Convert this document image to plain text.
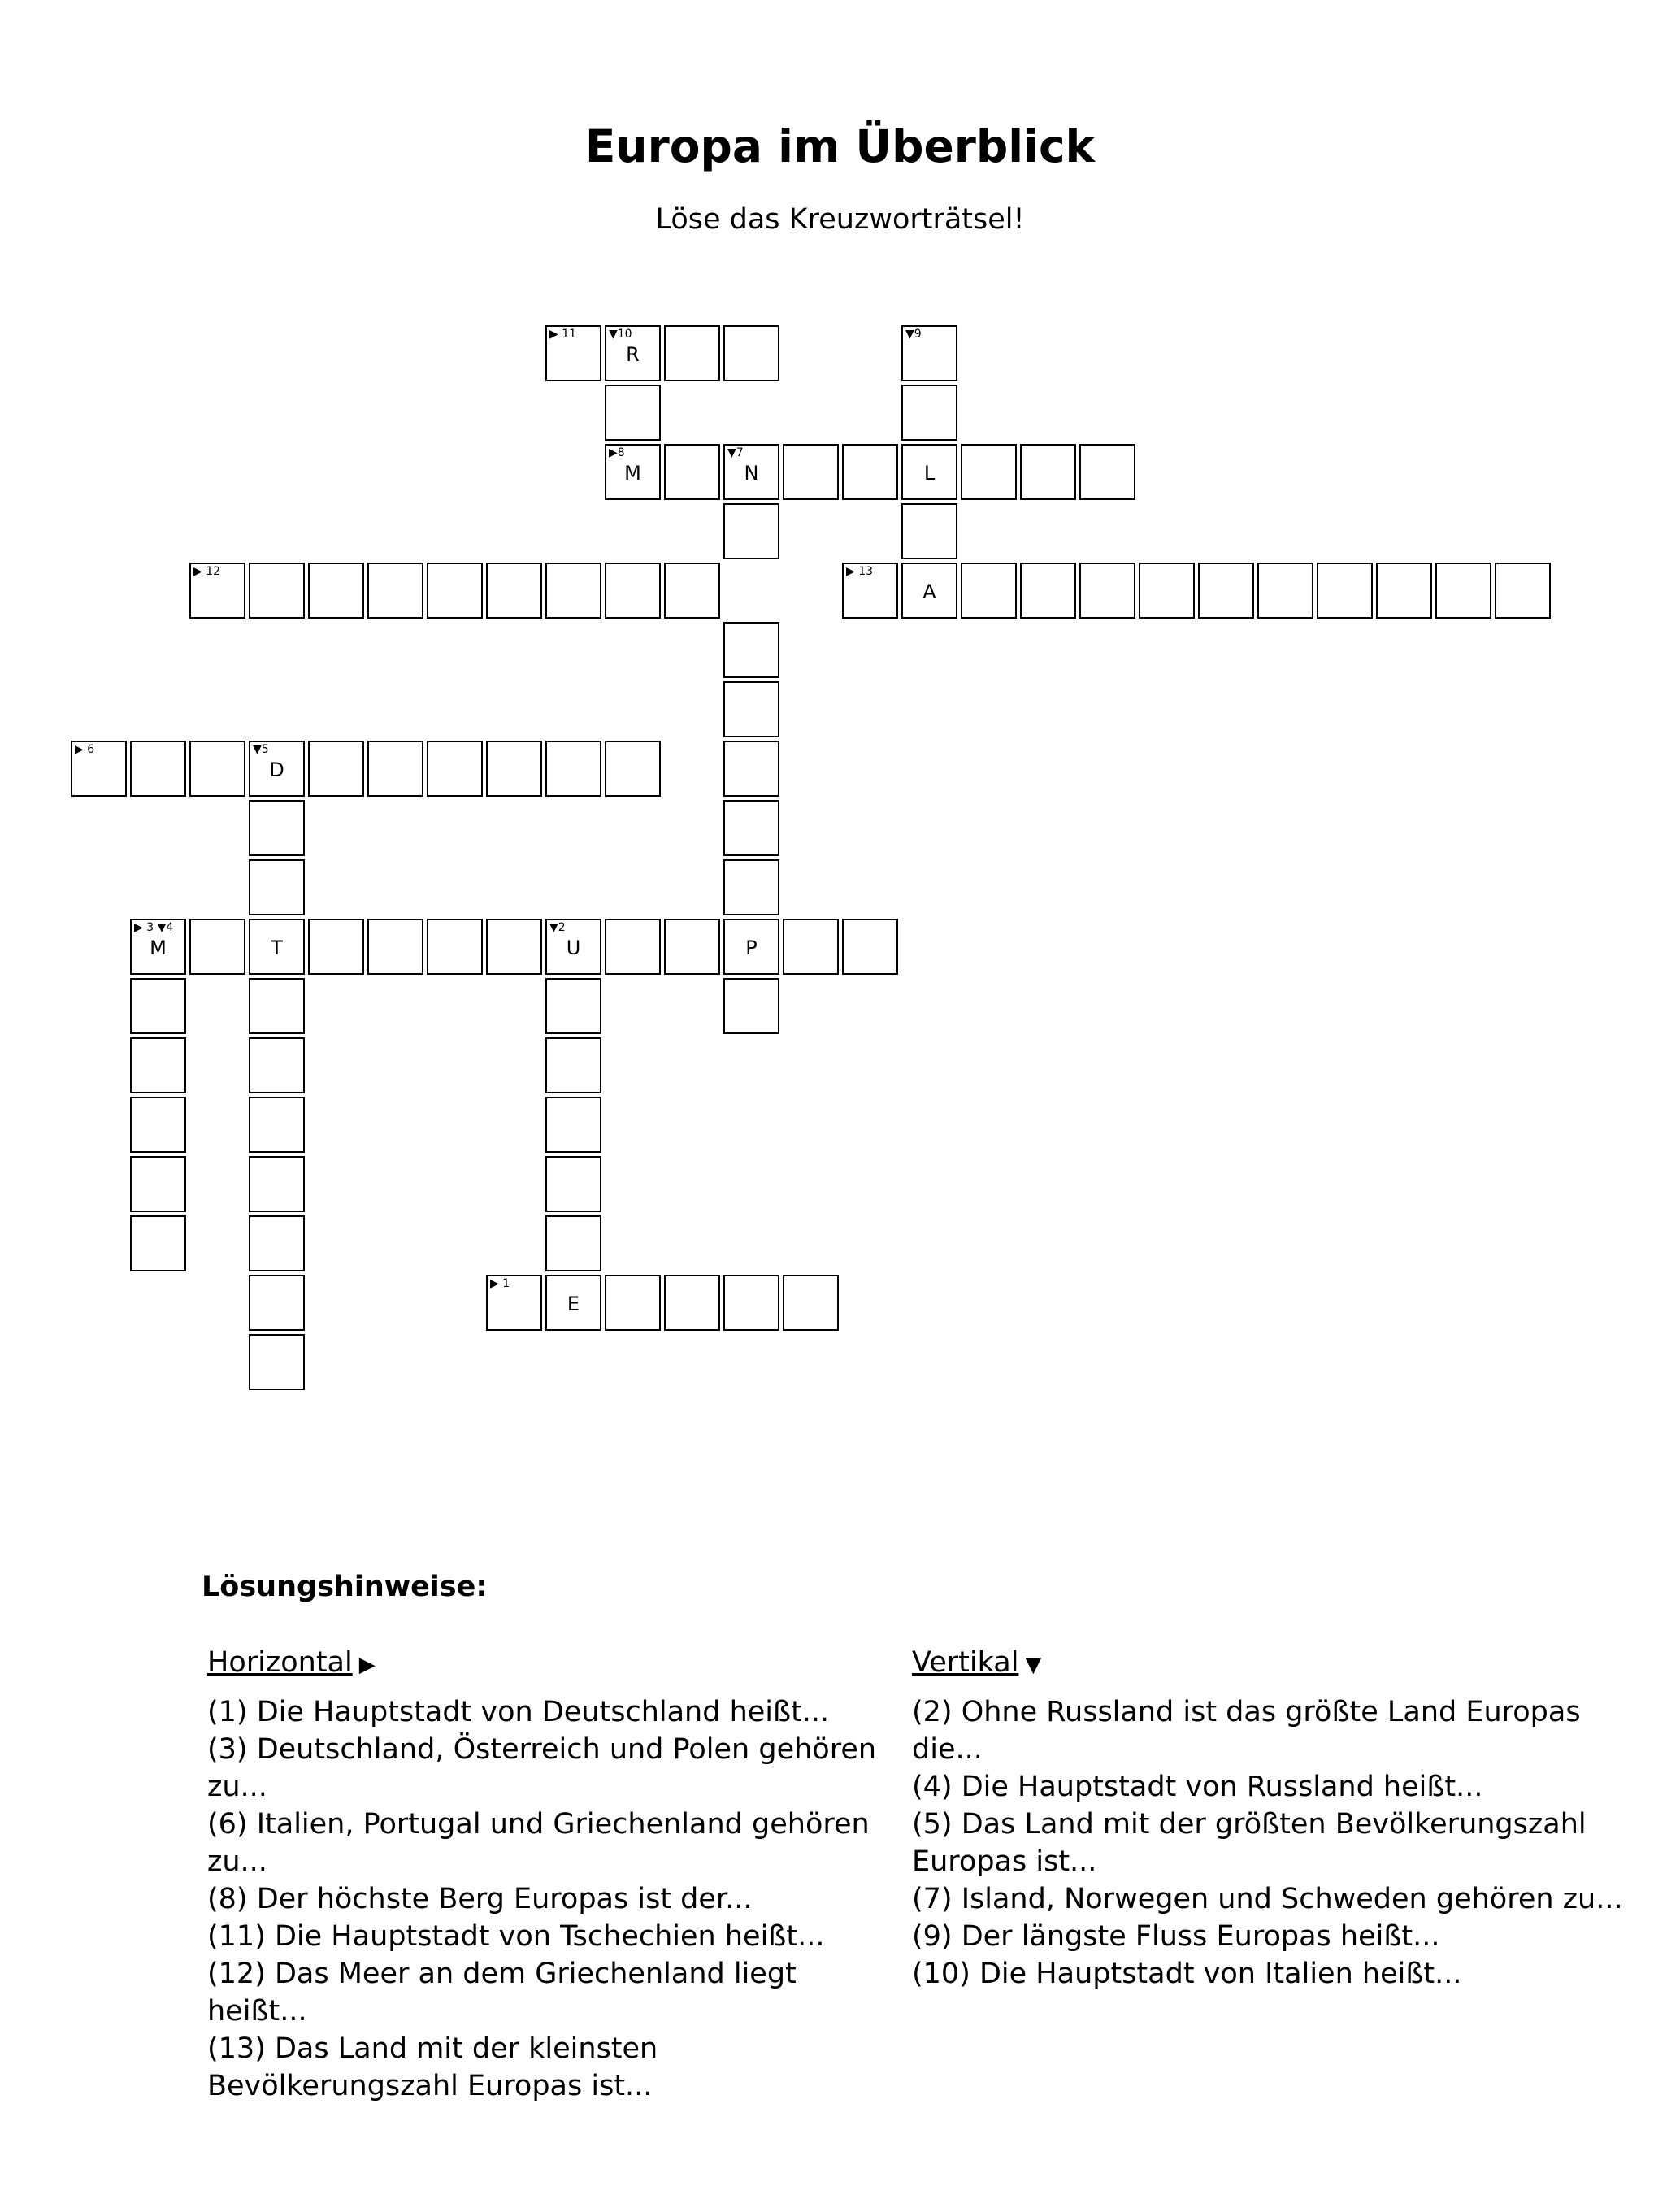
Europa im Überblick

Löse das Kreuzworträtsel!

▶ 11	▼10
R
▼9
▶8
M
▼7
N	L
▶ 12	▶ 13
A
▶ 6	▼5
D
▶ 3 ▼4
M	T
▼2
U	P
▶ 1
E
Lösungshinweise:
Horizontal ▶

(1) Die Hauptstadt von Deutschland heißt...

(3) Deutschland, Österreich und Polen gehören zu...

(6) Italien, Portugal und Griechenland gehören zu...

(8) Der höchste Berg Europas ist der...

(11) Die Hauptstadt von Tschechien heißt...

(12) Das Meer an dem Griechenland liegt heißt...

(13) Das Land mit der kleinsten Bevölkerungszahl Europas ist...

Vertikal ▼

(2) Ohne Russland ist das größte Land Europas die...

(4) Die Hauptstadt von Russland heißt...

(5) Das Land mit der größten Bevölkerungszahl Europas ist...

(7) Island, Norwegen und Schweden gehören zu...

(9) Der längste Fluss Europas heißt...

(10) Die Hauptstadt von Italien heißt...
